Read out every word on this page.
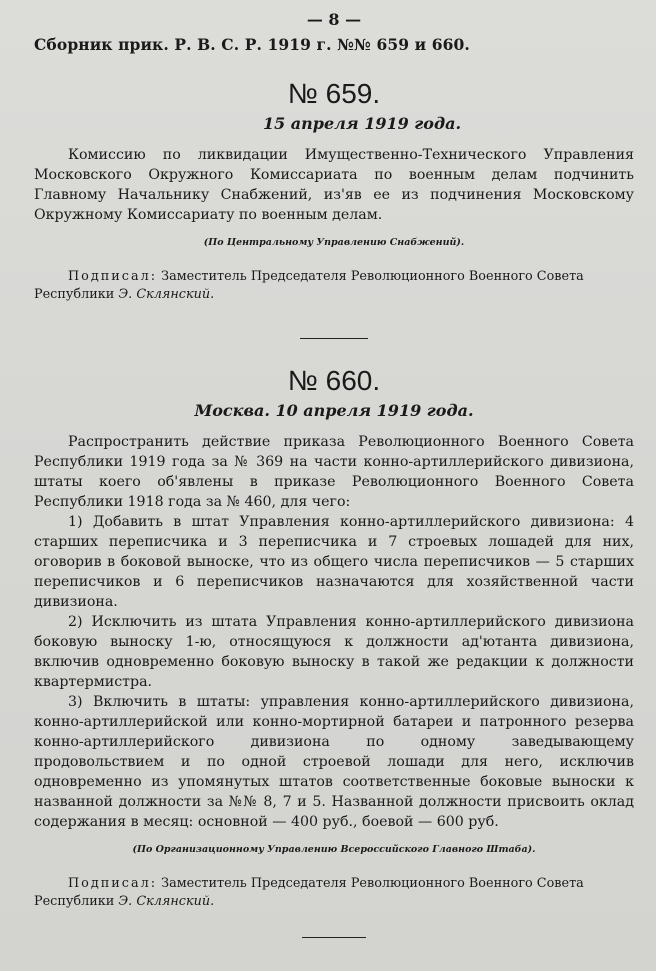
— 8 —
Сборник прик. Р. В. С. Р. 1919 г. №№ 659 и 660.
№ 659.
15 апреля 1919 года.

Комиссию по ликвидации Имущественно-Технического Управления Московского Окружного Комиссариата по военным делам подчинить Главному Начальнику Снабжений, из'яв ее из подчинения Московскому Окружному Комиссариату по военным делам.

(По Центральному Управлению Снабжений).

Подписал: Заместитель Председателя Революционного Военного Совета Республики Э. Склянский.

№ 660.
Москва. 10 апреля 1919 года.

Распространить действие приказа Революционного Военного Совета Республики 1919 года за № 369 на части конно-артиллерийского дивизиона, штаты коего об'явлены в приказе Революционного Военного Совета Республики 1918 года за № 460, для чего:

1) Добавить в штат Управления конно-артиллерийского дивизиона: 4 старших переписчика и 3 переписчика и 7 строевых лошадей для них, оговорив в боковой выноске, что из общего числа переписчиков — 5 старших переписчиков и 6 переписчиков назначаются для хозяйственной части дивизиона.

2) Исключить из штата Управления конно-артиллерийского дивизиона боковую выноску 1-ю, относящуюся к должности ад'ютанта дивизиона, включив одновременно боковую выноску в такой же редакции к должности квартермистра.

3) Включить в штаты: управления конно-артиллерийского дивизиона, конно-артиллерийской или конно-мортирной батареи и патронного резерва конно-артиллерийского дивизиона по одному заведывающему продовольствием и по одной строевой лошади для него, исключив одновременно из упомянутых штатов соответственные боковые выноски к названной должности за №№ 8, 7 и 5. Названной должности присвоить оклад содержания в месяц: основной — 400 руб., боевой — 600 руб.

(По Организационному Управлению Всероссийского Главного Штаба).

Подписал: Заместитель Председателя Революционного Военного Совета Республики Э. Склянский.
